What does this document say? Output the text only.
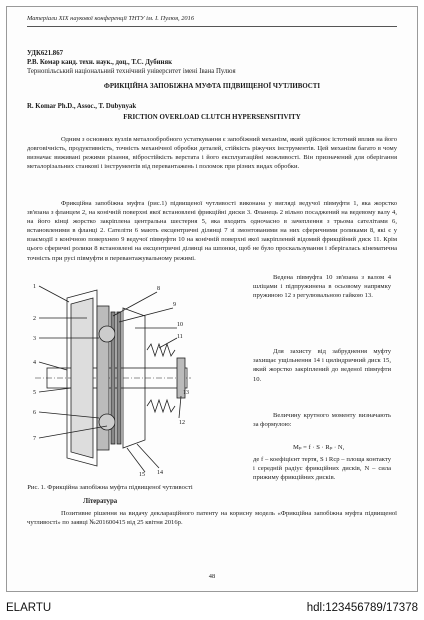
Матеріали ХІХ наукової конференції ТНТУ ім. І. Пулюя, 2016
УДК621.867
Р.В. Комар канд. техн. наук., доц., Т.С. Дубиняк
Тернопільський національний технічний університет імені Івана Пулюя
ФРИКЦІЙНА ЗАПОБІЖНА МУФТА ПІДВИЩЕНОЇ ЧУТЛИВОСТІ
R. Komar Ph.D., Assoc., T. Dubynyak
FRICTION OVERLOAD CLUTCH HYPERSENSITIVITY

Одним з основних вузлів металообробного устаткування є запобіжний механізм, який здійснює істотний вплив на його довговічність, продуктивність, точність механічної обробки деталей, стійкість ріжучих інструментів. Цей механізм багато в чому визначає виживані режими різання, вібростійкість верстата і його експлуатаційні можливості. Він призначений для оберігання металорізальних станкові і інструментів від перевантажень і поломок при різних видах обробки.

Фрикційна запобіжна муфта (рис.1) підвищеної чутливості виконана у вигляді ведучої півмуфти 1, яка жорстко зв'язана з фланцем 2, на конічній поверхні якої встановлені фрикційні диски 3. Фланець 2 вільно посаджений на ведевому валу 4, на його кінці жорстко закріплена центральна шестерня 5, яка входить одночасно в зачеплення з трьома сателітами 6, встановленими в фланці 2. Сателіти 6 мають ексцентричні ділянці 7 зі змонтованими на них сферичними роликами 8, які є у взаємодії з конічною поверхнею 9 ведучої півмуфти 10 на конічній поверхні якої закріплений відомий фрикційний диск 11. Крім цього сферичні ролики 8 встановлені на ексцентричні ділянці на шпонки, щоб не було проскальзування і зберігалась кінематична точність при русі півмуфти в перевантажувальному режимі.

1
2
3
4
5
6
7
8
9
10
11
12
13
14
15
Рис. 1. Фрикційна запобіжна муфта підвищеної чутливості

Ведена півмуфта 10 зв'язана з валом 4 шліцами і підпружинена в осьовому напрямку пружиною 12 з регулювальною гайкою 13.

Для захисту від забруднення муфту захищає ущільнення 14 і циліндричний диск 15, який жорстко закріплений до веденої півмуфти 10.

Величину крутного моменту визначають за формулою:

Mₚ = f · S · Rₚ · N,

де f – коефіцієнт тертя, S і Rср – площа контакту і середній радіус фрикційних дисків, N – сила прижиму фрикційних дисків.

Література

Позитивне рішення на видачу деклараційного патенту на корисну модель «Фрикційна запобіжна муфта підвищеної чутливості» по заявці №201600415 від 25 квітня 2016р.

48
ELARTU	hdl:123456789/17378
